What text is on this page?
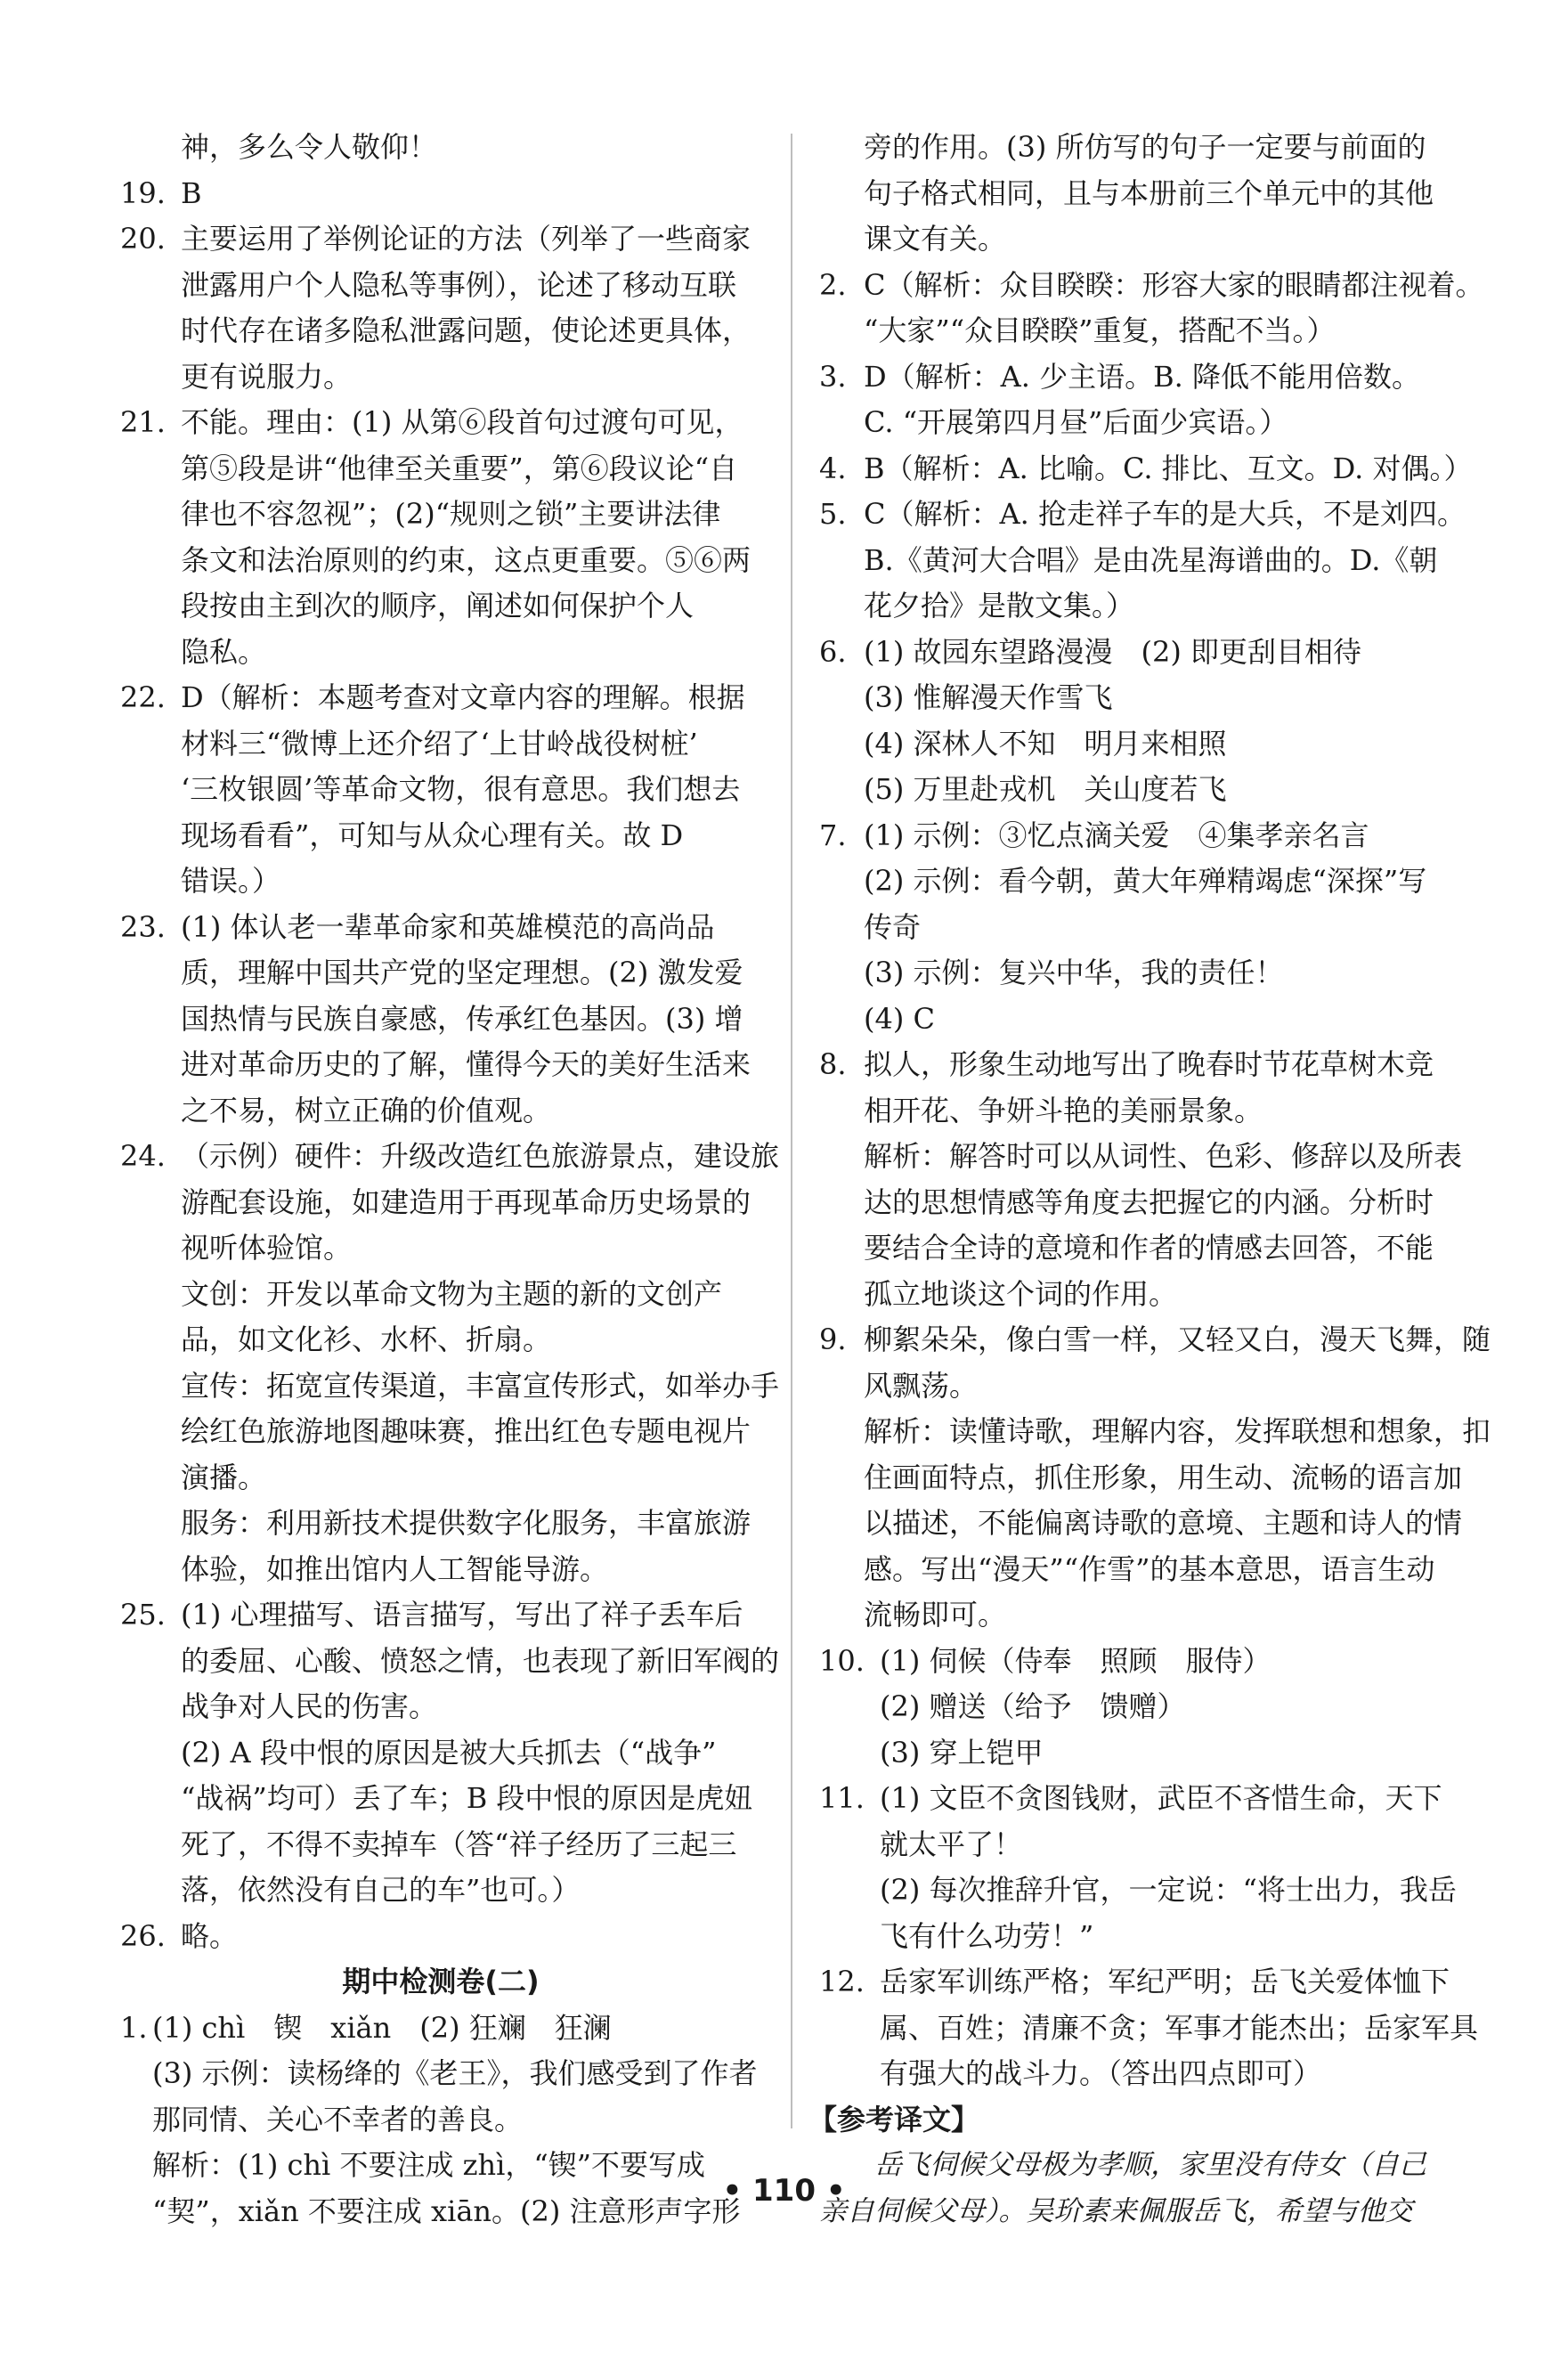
神，多么令人敬仰！
19. B
20. 主要运用了举例论证的方法（列举了一些商家
泄露用户个人隐私等事例），论述了移动互联
时代存在诸多隐私泄露问题，使论述更具体，
更有说服力。
21. 不能。理由：(1) 从第⑥段首句过渡句可见，
第⑤段是讲“他律至关重要”，第⑥段议论“自
律也不容忽视”；(2)“规则之锁”主要讲法律
条文和法治原则的约束，这点更重要。⑤⑥两
段按由主到次的顺序，阐述如何保护个人
隐私。
22. D（解析：本题考查对文章内容的理解。根据
材料三“微博上还介绍了‘上甘岭战役树桩’
‘三枚银圆’等革命文物，很有意思。我们想去
现场看看”，可知与从众心理有关。故 D
错误。）
23. (1) 体认老一辈革命家和英雄模范的高尚品
质，理解中国共产党的坚定理想。(2) 激发爱
国热情与民族自豪感，传承红色基因。(3) 增
进对革命历史的了解，懂得今天的美好生活来
之不易，树立正确的价值观。
24. （示例）硬件：升级改造红色旅游景点，建设旅
游配套设施，如建造用于再现革命历史场景的
视听体验馆。
文创：开发以革命文物为主题的新的文创产
品，如文化衫、水杯、折扇。
宣传：拓宽宣传渠道，丰富宣传形式，如举办手
绘红色旅游地图趣味赛，推出红色专题电视片
演播。
服务：利用新技术提供数字化服务，丰富旅游
体验，如推出馆内人工智能导游。
25. (1) 心理描写、语言描写，写出了祥子丢车后
的委屈、心酸、愤怒之情，也表现了新旧军阀的
战争对人民的伤害。
(2) A 段中恨的原因是被大兵抓去（“战争”
“战祸”均可）丢了车；B 段中恨的原因是虎妞
死了，不得不卖掉车（答“祥子经历了三起三
落，依然没有自己的车”也可。）
26. 略。
期中检测卷(二)
1. (1) chì　锲　xiǎn　(2) 狂斓　狂澜
(3) 示例：读杨绛的《老王》，我们感受到了作者
那同情、关心不幸者的善良。
解析：(1) chì 不要注成 zhì，“锲”不要写成
“契”，xiǎn 不要注成 xiān。(2) 注意形声字形
旁的作用。(3) 所仿写的句子一定要与前面的
句子格式相同，且与本册前三个单元中的其他
课文有关。
2. C（解析：众目睽睽：形容大家的眼睛都注视着。
“大家”“众目睽睽”重复，搭配不当。）
3. D（解析：A. 少主语。B. 降低不能用倍数。
C. “开展第四月昼”后面少宾语。）
4. B（解析：A. 比喻。C. 排比、互文。D. 对偶。）
5. C（解析：A. 抢走祥子车的是大兵，不是刘四。
B.《黄河大合唱》是由冼星海谱曲的。D.《朝
花夕拾》是散文集。）
6. (1) 故园东望路漫漫　(2) 即更刮目相待
(3) 惟解漫天作雪飞
(4) 深林人不知　明月来相照
(5) 万里赴戎机　关山度若飞
7. (1) 示例：③忆点滴关爱　④集孝亲名言
(2) 示例：看今朝，黄大年殚精竭虑“深探”写
传奇
(3) 示例：复兴中华，我的责任！
(4) C
8. 拟人，形象生动地写出了晚春时节花草树木竞
相开花、争妍斗艳的美丽景象。
解析：解答时可以从词性、色彩、修辞以及所表
达的思想情感等角度去把握它的内涵。分析时
要结合全诗的意境和作者的情感去回答，不能
孤立地谈这个词的作用。
9. 柳絮朵朵，像白雪一样，又轻又白，漫天飞舞，随
风飘荡。
解析：读懂诗歌，理解内容，发挥联想和想象，扣
住画面特点，抓住形象，用生动、流畅的语言加
以描述，不能偏离诗歌的意境、主题和诗人的情
感。写出“漫天”“作雪”的基本意思，语言生动
流畅即可。
10. (1) 伺候（侍奉　照顾　服侍）
(2) 赠送（给予　馈赠）
(3) 穿上铠甲
11. (1) 文臣不贪图钱财，武臣不吝惜生命，天下
就太平了！
(2) 每次推辞升官，一定说：“将士出力，我岳
飞有什么功劳！”
12. 岳家军训练严格；军纪严明；岳飞关爱体恤下
属、百姓；清廉不贪；军事才能杰出；岳家军具
有强大的战斗力。（答出四点即可）
【参考译文】
　　岳飞伺候父母极为孝顺，家里没有侍女（自己
亲自伺候父母）。吴玠素来佩服岳飞，希望与他交
• 110 •
